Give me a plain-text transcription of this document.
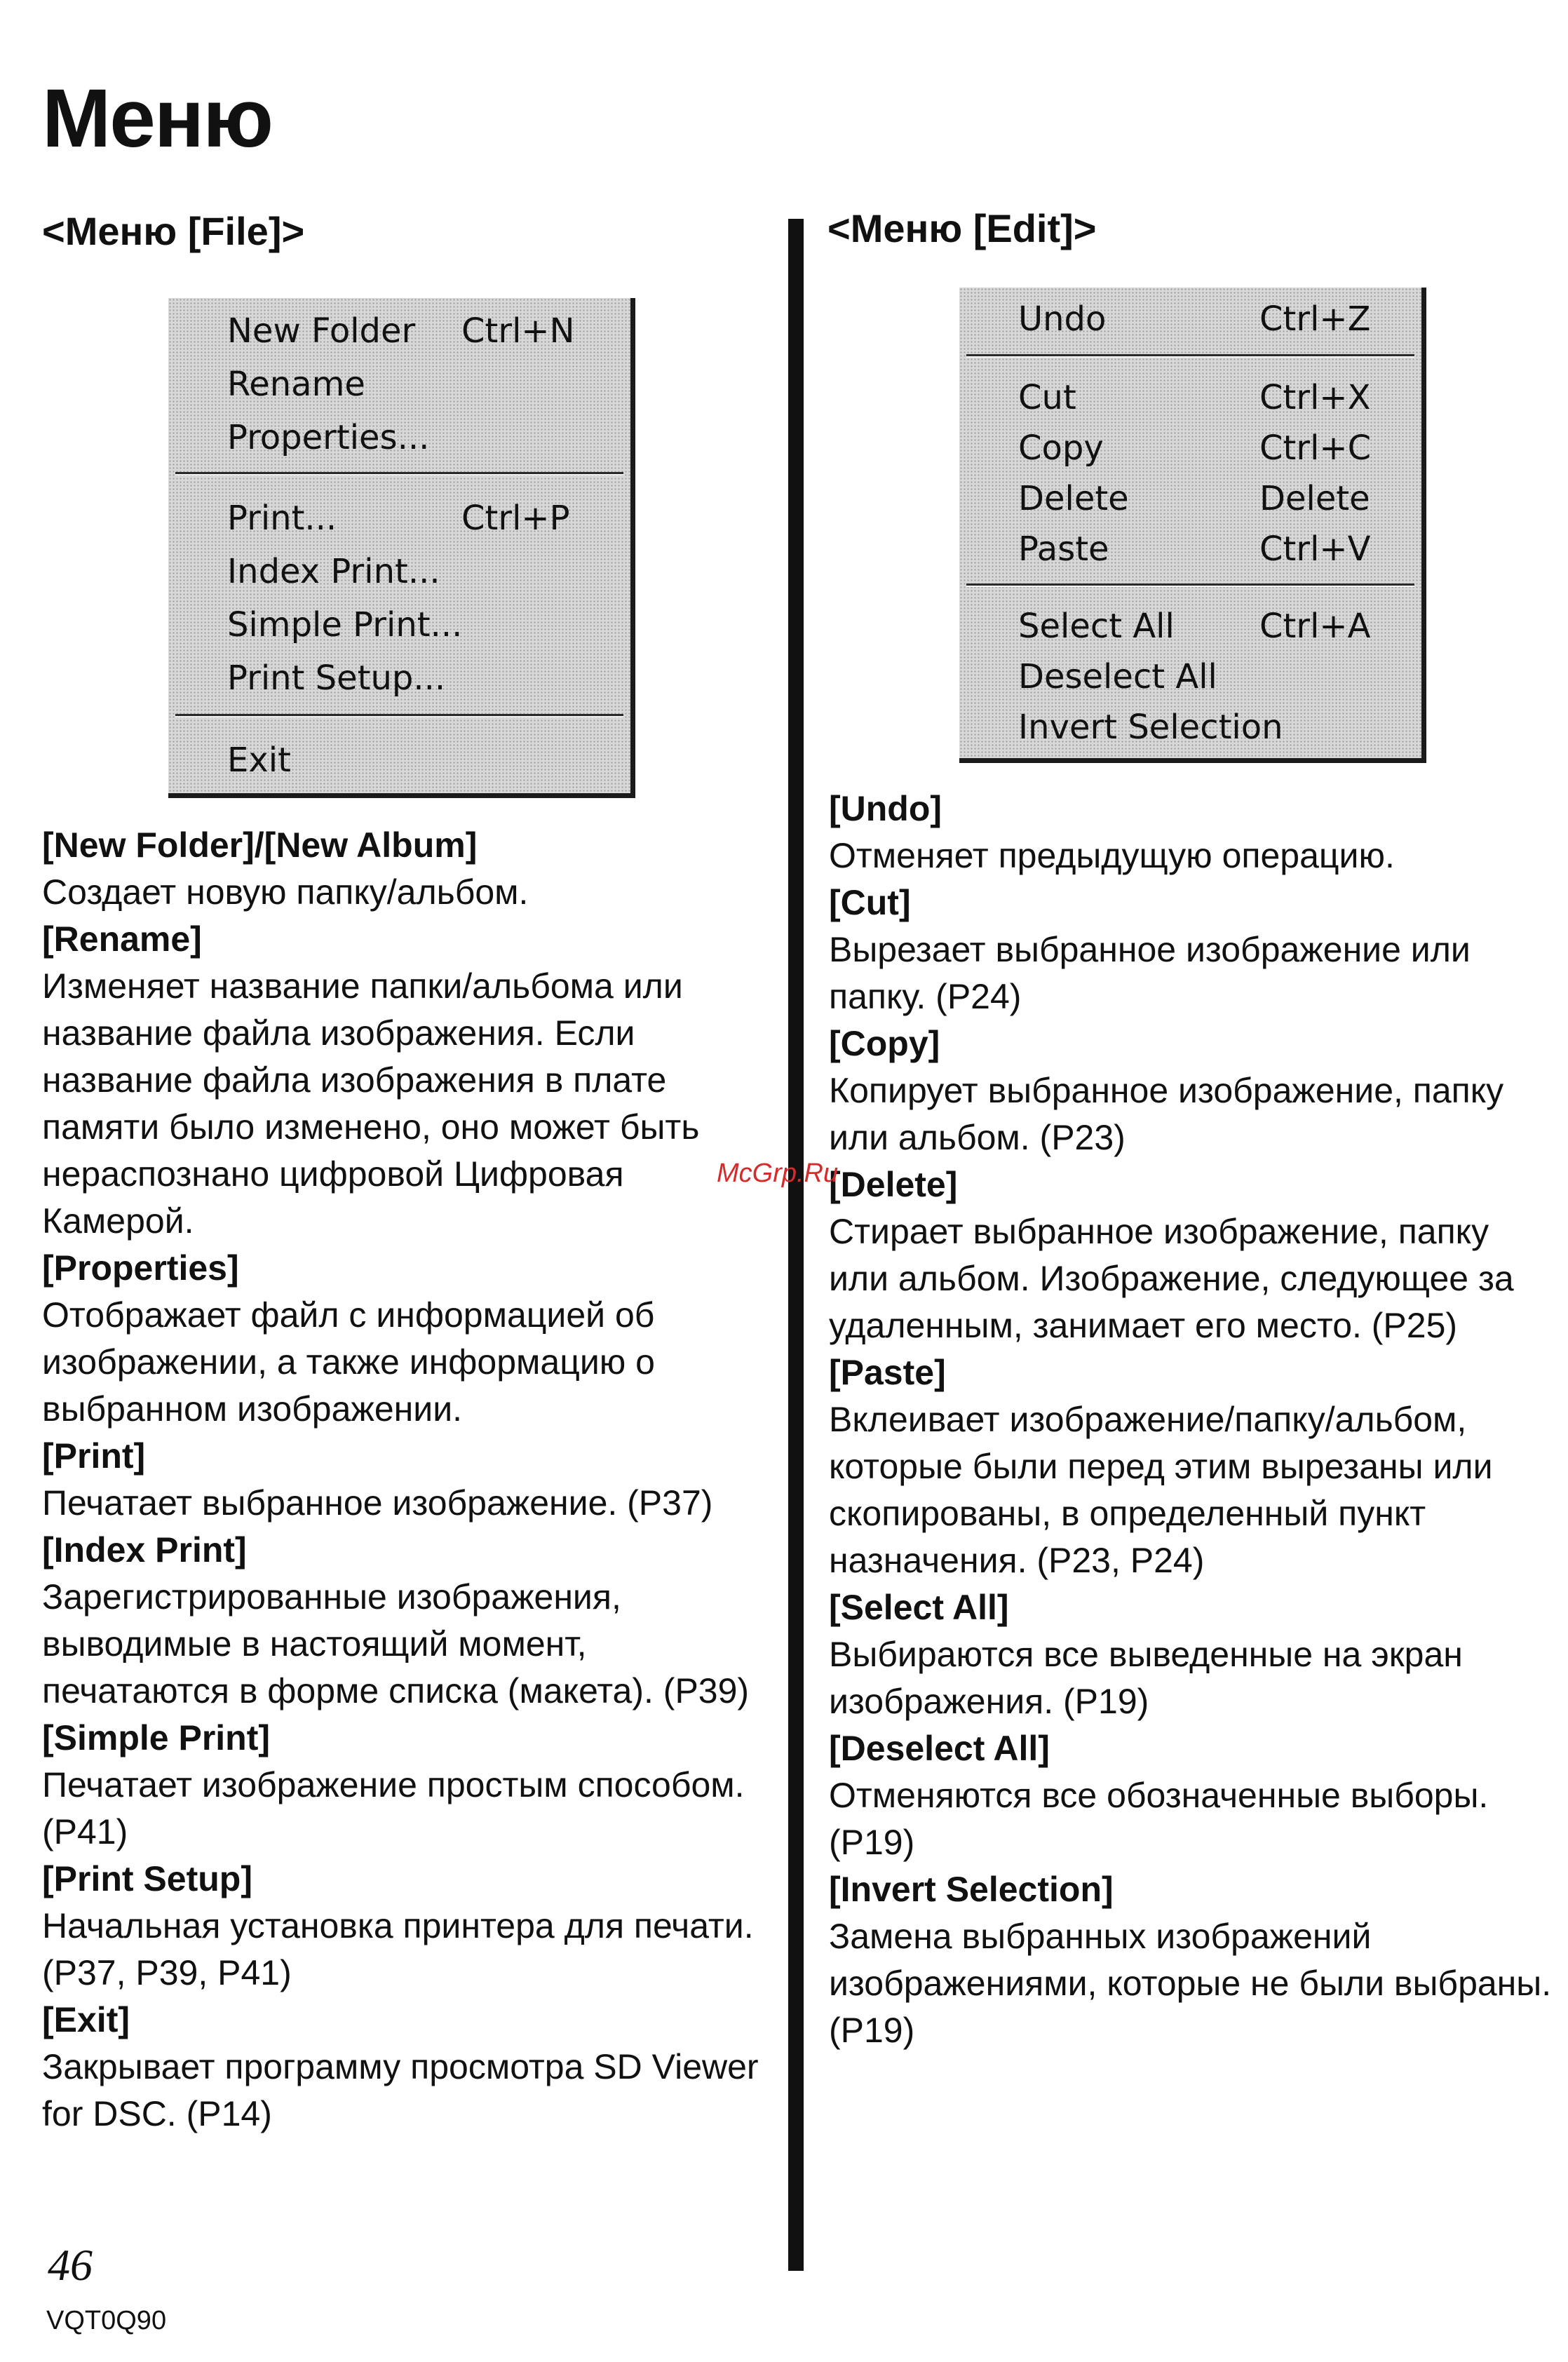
Меню
<Меню [File]>	<Меню [Edit]>
New Folder Ctrl+N
Rename
Properties...
Print...	Ctrl+P
Index Print...
Simple Print...
Print Setup...
Exit
Undo	Ctrl+Z
Cut	Ctrl+X
Copy	Ctrl+C
Delete	Delete
Paste	Ctrl+V
Select All	Ctrl+A
Deselect All
Invert Selection
[New Folder]/[New Album]
Создает новую папку/альбом.
[Rename]
Изменяет название папки/альбома или название файла изображения. Если название файла изображения в плате памяти было изменено, оно может быть нераспознано цифровой Цифровая Камерой.
[Properties]
Отображает файл с информацией об изображении, а также информацию о выбранном изображении.
[Print]
Печатает выбранное изображение. (P37)
[Index Print]
Зарегистрированные изображения, выводимые в настоящий момент, печатаются в форме списка (макета). (P39)
[Simple Print]
Печатает изображение простым способом. (P41)
[Print Setup]
Начальная установка принтера для печати. (P37, P39, P41)
[Exit]
Закрывает программу просмотра SD Viewer for DSC. (P14)
[Undo]
Отменяет предыдущую операцию.
[Cut]
Вырезает выбранное изображение или папку. (P24)
[Copy]
Копирует выбранное изображение, папку или альбом. (P23)
[Delete]
Стирает выбранное изображение, папку или альбом. Изображение, следующее за удаленным, занимает его место. (P25)
[Paste]
Вклеивает изображение/папку/альбом, которые были перед этим вырезаны или скопированы, в определенный пункт назначения. (P23, P24)
[Select All]
Выбираются все выведенные на экран изображения. (P19)
[Deselect All]
Отменяются все обозначенные выборы. (P19)
[Invert Selection]
Замена выбранных изображений изображениями, которые не были выбраны. (P19)
McGrp.Ru
46
VQT0Q90
